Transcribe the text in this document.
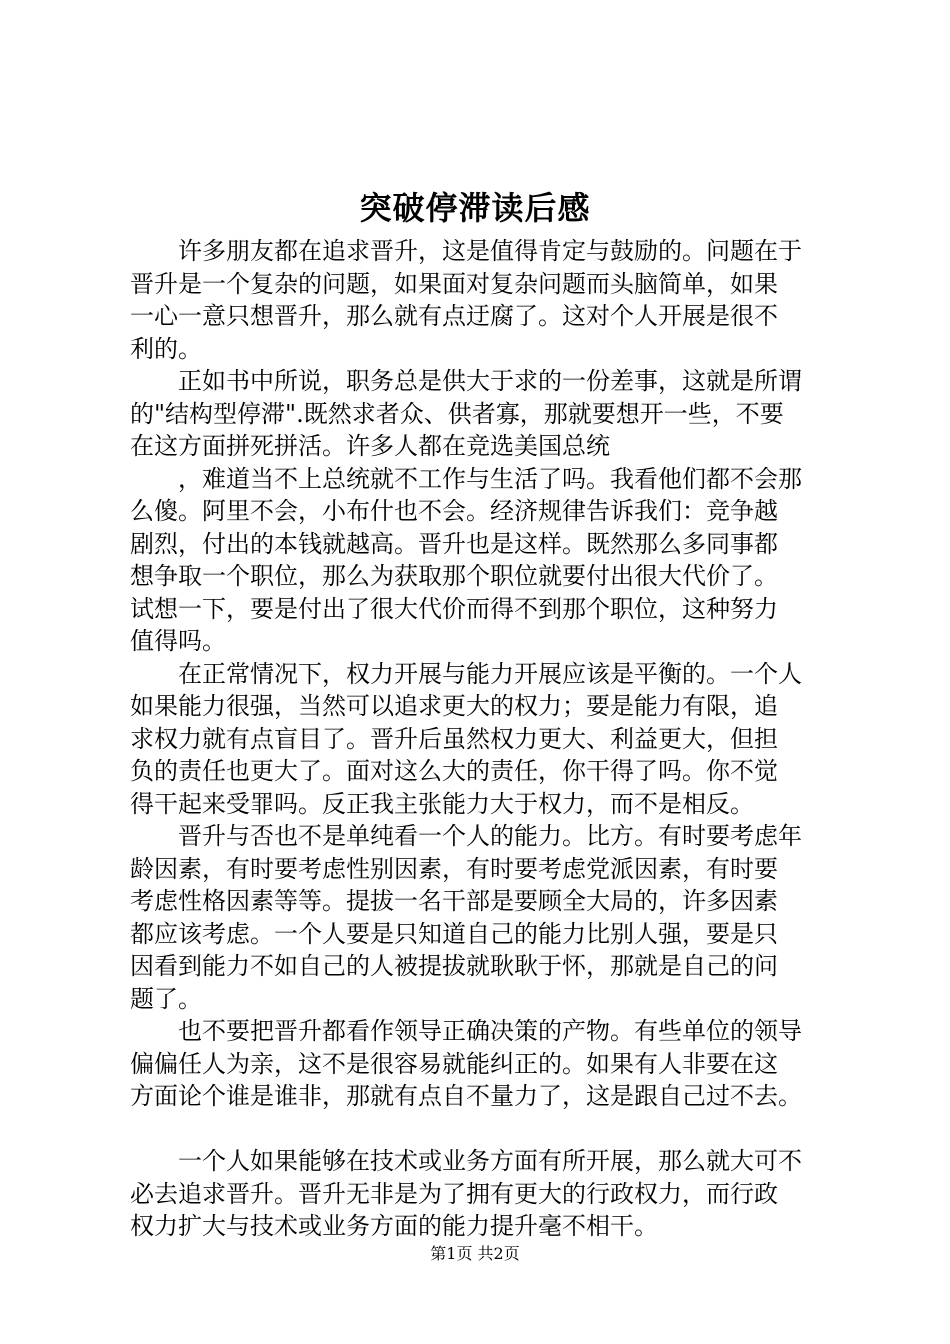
突破停滞读后感
许多朋友都在追求晋升，这是值得肯定与鼓励的。问题在于
晋升是一个复杂的问题，如果面对复杂问题而头脑简单，如果
一心一意只想晋升，那么就有点迂腐了。这对个人开展是很不
利的。
正如书中所说，职务总是供大于求的一份差事，这就是所谓
的"结构型停滞".既然求者众、供者寡，那就要想开一些，不要
在这方面拼死拼活。许多人都在竞选美国总统
，难道当不上总统就不工作与生活了吗。我看他们都不会那
么傻。阿里不会，小布什也不会。经济规律告诉我们：竞争越
剧烈，付出的本钱就越高。晋升也是这样。既然那么多同事都
想争取一个职位，那么为获取那个职位就要付出很大代价了。
试想一下，要是付出了很大代价而得不到那个职位，这种努力
值得吗。
在正常情况下，权力开展与能力开展应该是平衡的。一个人
如果能力很强，当然可以追求更大的权力；要是能力有限，追
求权力就有点盲目了。晋升后虽然权力更大、利益更大，但担
负的责任也更大了。面对这么大的责任，你干得了吗。你不觉
得干起来受罪吗。反正我主张能力大于权力，而不是相反。
晋升与否也不是单纯看一个人的能力。比方。有时要考虑年
龄因素，有时要考虑性别因素，有时要考虑党派因素，有时要
考虑性格因素等等。提拔一名干部是要顾全大局的，许多因素
都应该考虑。一个人要是只知道自己的能力比别人强，要是只
因看到能力不如自己的人被提拔就耿耿于怀，那就是自己的问
题了。
也不要把晋升都看作领导正确决策的产物。有些单位的领导
偏偏任人为亲，这不是很容易就能纠正的。如果有人非要在这
方面论个谁是谁非，那就有点自不量力了，这是跟自己过不去。
一个人如果能够在技术或业务方面有所开展，那么就大可不
必去追求晋升。晋升无非是为了拥有更大的行政权力，而行政
权力扩大与技术或业务方面的能力提升毫不相干。
第1页 共2页
